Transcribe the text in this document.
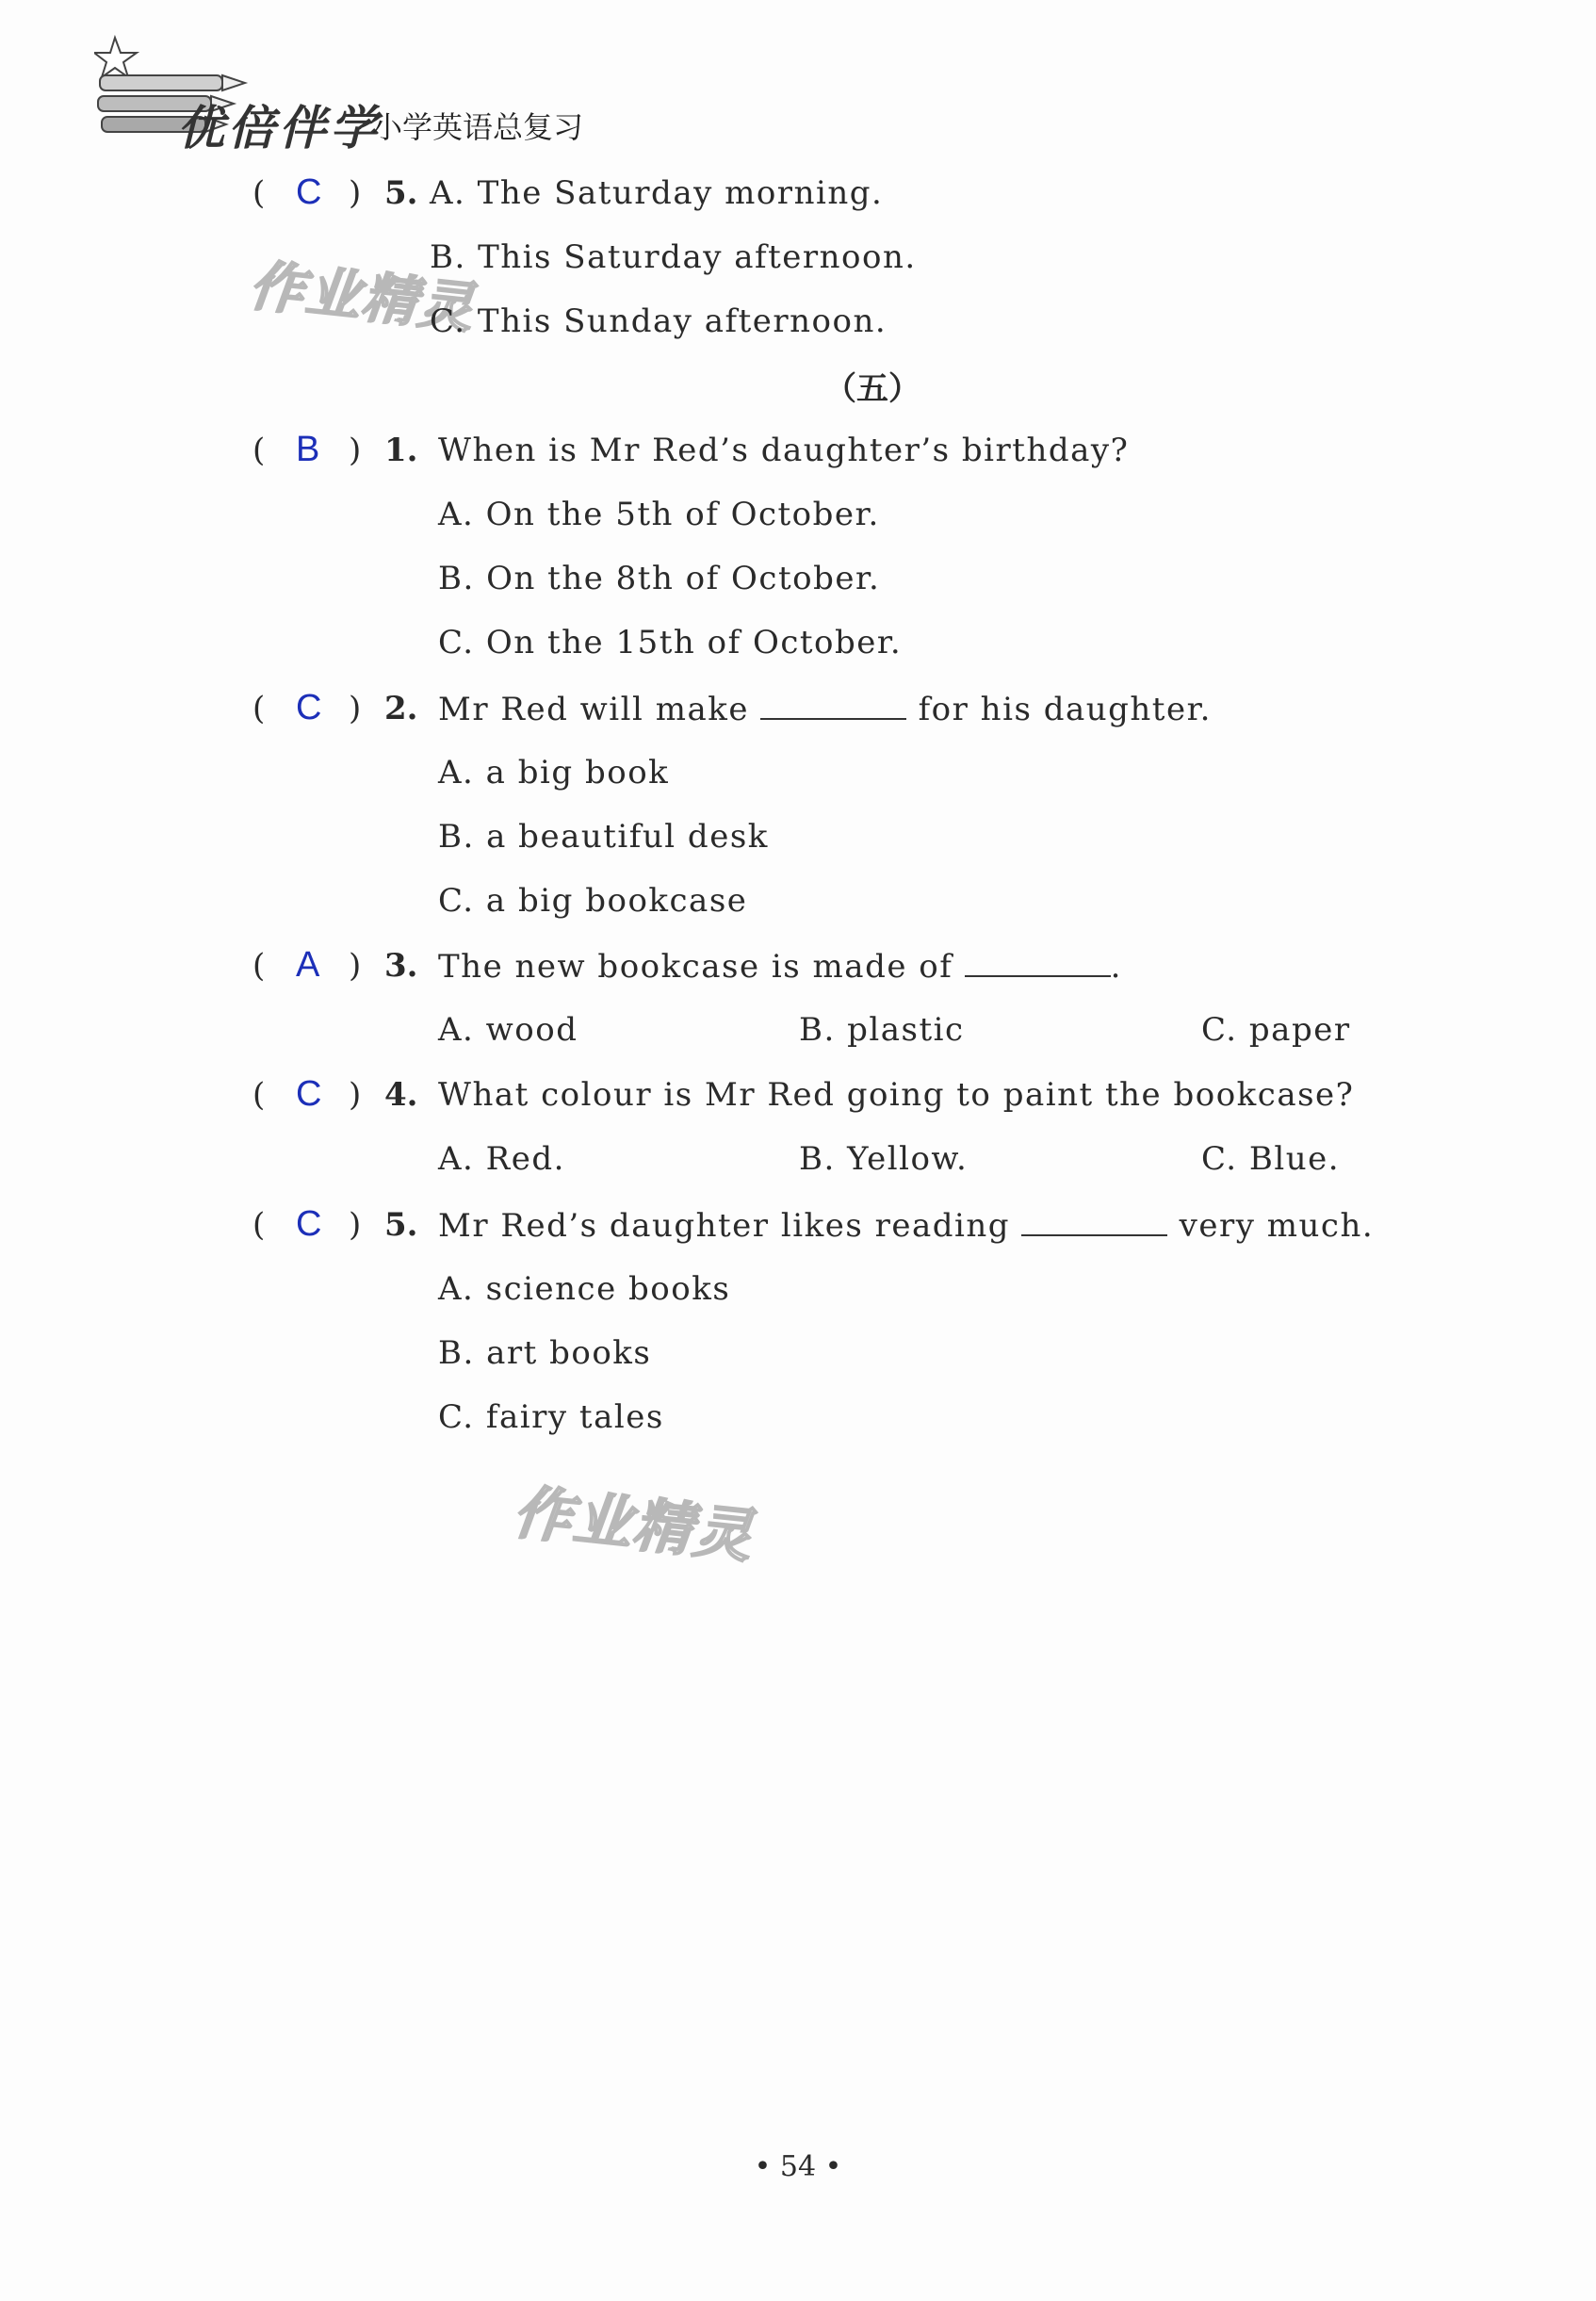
优倍伴学
小学英语总复习
作业精灵
作业精灵
( C ) 5. A. The Saturday morning.
B. This Saturday afternoon.
C. This Sunday afternoon.
（五）
( B ) 1. When is Mr Red’s daughter’s birthday?
A. On the 5th of October.
B. On the 8th of October.
C. On the 15th of October.
( C ) 2. Mr Red will make	for his daughter.
A. a big book
B. a beautiful desk
C. a big bookcase
( A ) 3. The new bookcase is made of	.
A. wood	B. plastic	C. paper
( C ) 4. What colour is Mr Red going to paint the bookcase?
A. Red.	B. Yellow.	C. Blue.
( C ) 5. Mr Red’s daughter likes reading	very much.
A. science books
B. art books
C. fairy tales
• 54 •
